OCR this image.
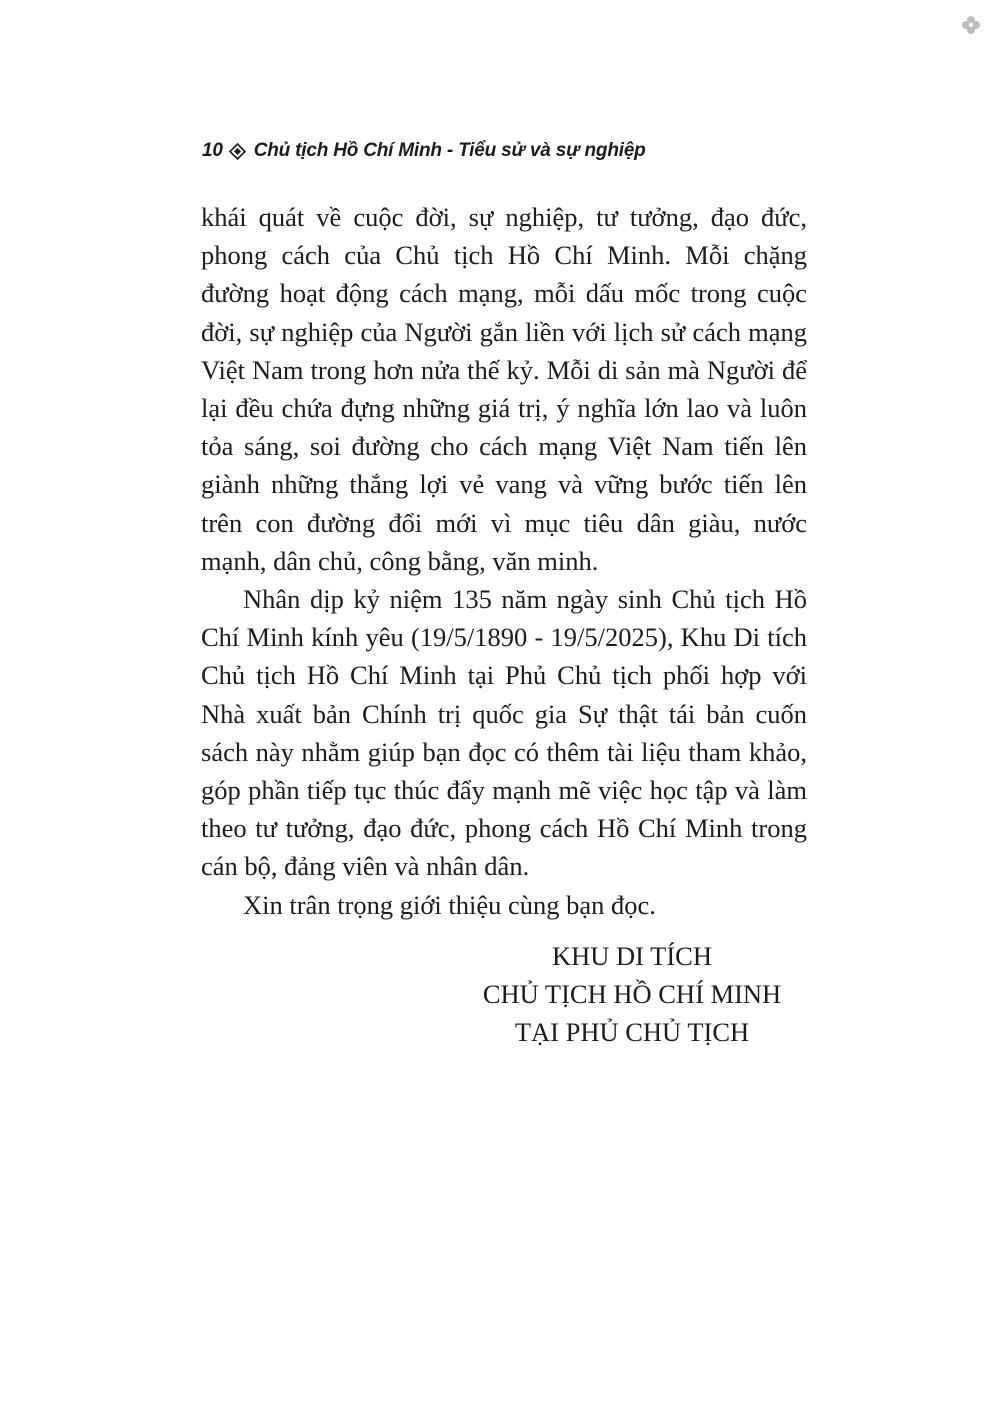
10 Chủ tịch Hồ Chí Minh - Tiểu sử và sự nghiệp

khái quát về cuộc đời, sự nghiệp, tư tưởng, đạo đức, phong cách của Chủ tịch Hồ Chí Minh. Mỗi chặng đường hoạt động cách mạng, mỗi dấu mốc trong cuộc đời, sự nghiệp của Người gắn liền với lịch sử cách mạng Việt Nam trong hơn nửa thế kỷ. Mỗi di sản mà Người để lại đều chứa đựng những giá trị, ý nghĩa lớn lao và luôn tỏa sáng, soi đường cho cách mạng Việt Nam tiến lên giành những thắng lợi vẻ vang và vững bước tiến lên trên con đường đổi mới vì mục tiêu dân giàu, nước mạnh, dân chủ, công bằng, văn minh.

Nhân dịp kỷ niệm 135 năm ngày sinh Chủ tịch Hồ Chí Minh kính yêu (19/5/1890 - 19/5/2025), Khu Di tích Chủ tịch Hồ Chí Minh tại Phủ Chủ tịch phối hợp với Nhà xuất bản Chính trị quốc gia Sự thật tái bản cuốn sách này nhằm giúp bạn đọc có thêm tài liệu tham khảo, góp phần tiếp tục thúc đẩy mạnh mẽ việc học tập và làm theo tư tưởng, đạo đức, phong cách Hồ Chí Minh trong cán bộ, đảng viên và nhân dân.

Xin trân trọng giới thiệu cùng bạn đọc.

KHU DI TÍCH
CHỦ TỊCH HỒ CHÍ MINH
TẠI PHỦ CHỦ TỊCH
